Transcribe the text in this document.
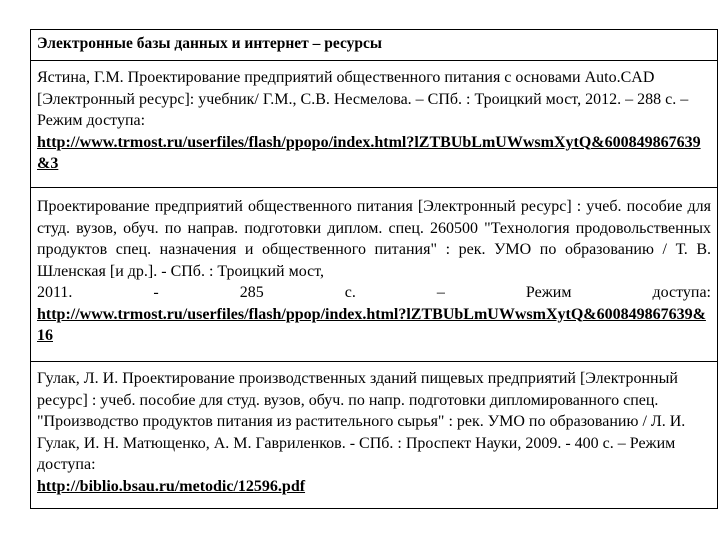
Электронные базы данных и интернет – ресурсы
Ястина, Г.М. Проектирование предприятий общественного питания с основами Auto.CAD [Электронный ресурс]: учебник/ Г.М., С.В. Несмелова. – СПб. : Троицкий мост, 2012. – 288 с. – Режим доступа:
http://www.trmost.ru/userfiles/flash/ppopo/index.html?lZTBUbLmUWwsmXytQ&600849867639&3
Проектирование предприятий общественного питания [Электронный ресурс] : учеб. пособие для студ. вузов, обуч. по направ. подготовки диплом. спец. 260500 "Технология продовольственных продуктов спец. назначения и общественного питания" : рек. УМО по образованию / Т. В. Шленская [и др.]. - СПб. : Троицкий мост,
2011. - 285 с. – Режим доступа:
http://www.trmost.ru/userfiles/flash/ppop/index.html?lZTBUbLmUWwsmXytQ&600849867639&16
Гулак, Л. И. Проектирование производственных зданий пищевых предприятий [Электронный ресурс] : учеб. пособие для студ. вузов, обуч. по напр. подготовки дипломированного спец. "Производство продуктов питания из растительного сырья" : рек. УМО по образованию / Л. И. Гулак, И. Н. Матющенко, А. М. Гавриленков. - СПб. : Проспект Науки, 2009. - 400 с. – Режим доступа:
http://biblio.bsau.ru/metodic/12596.pdf
